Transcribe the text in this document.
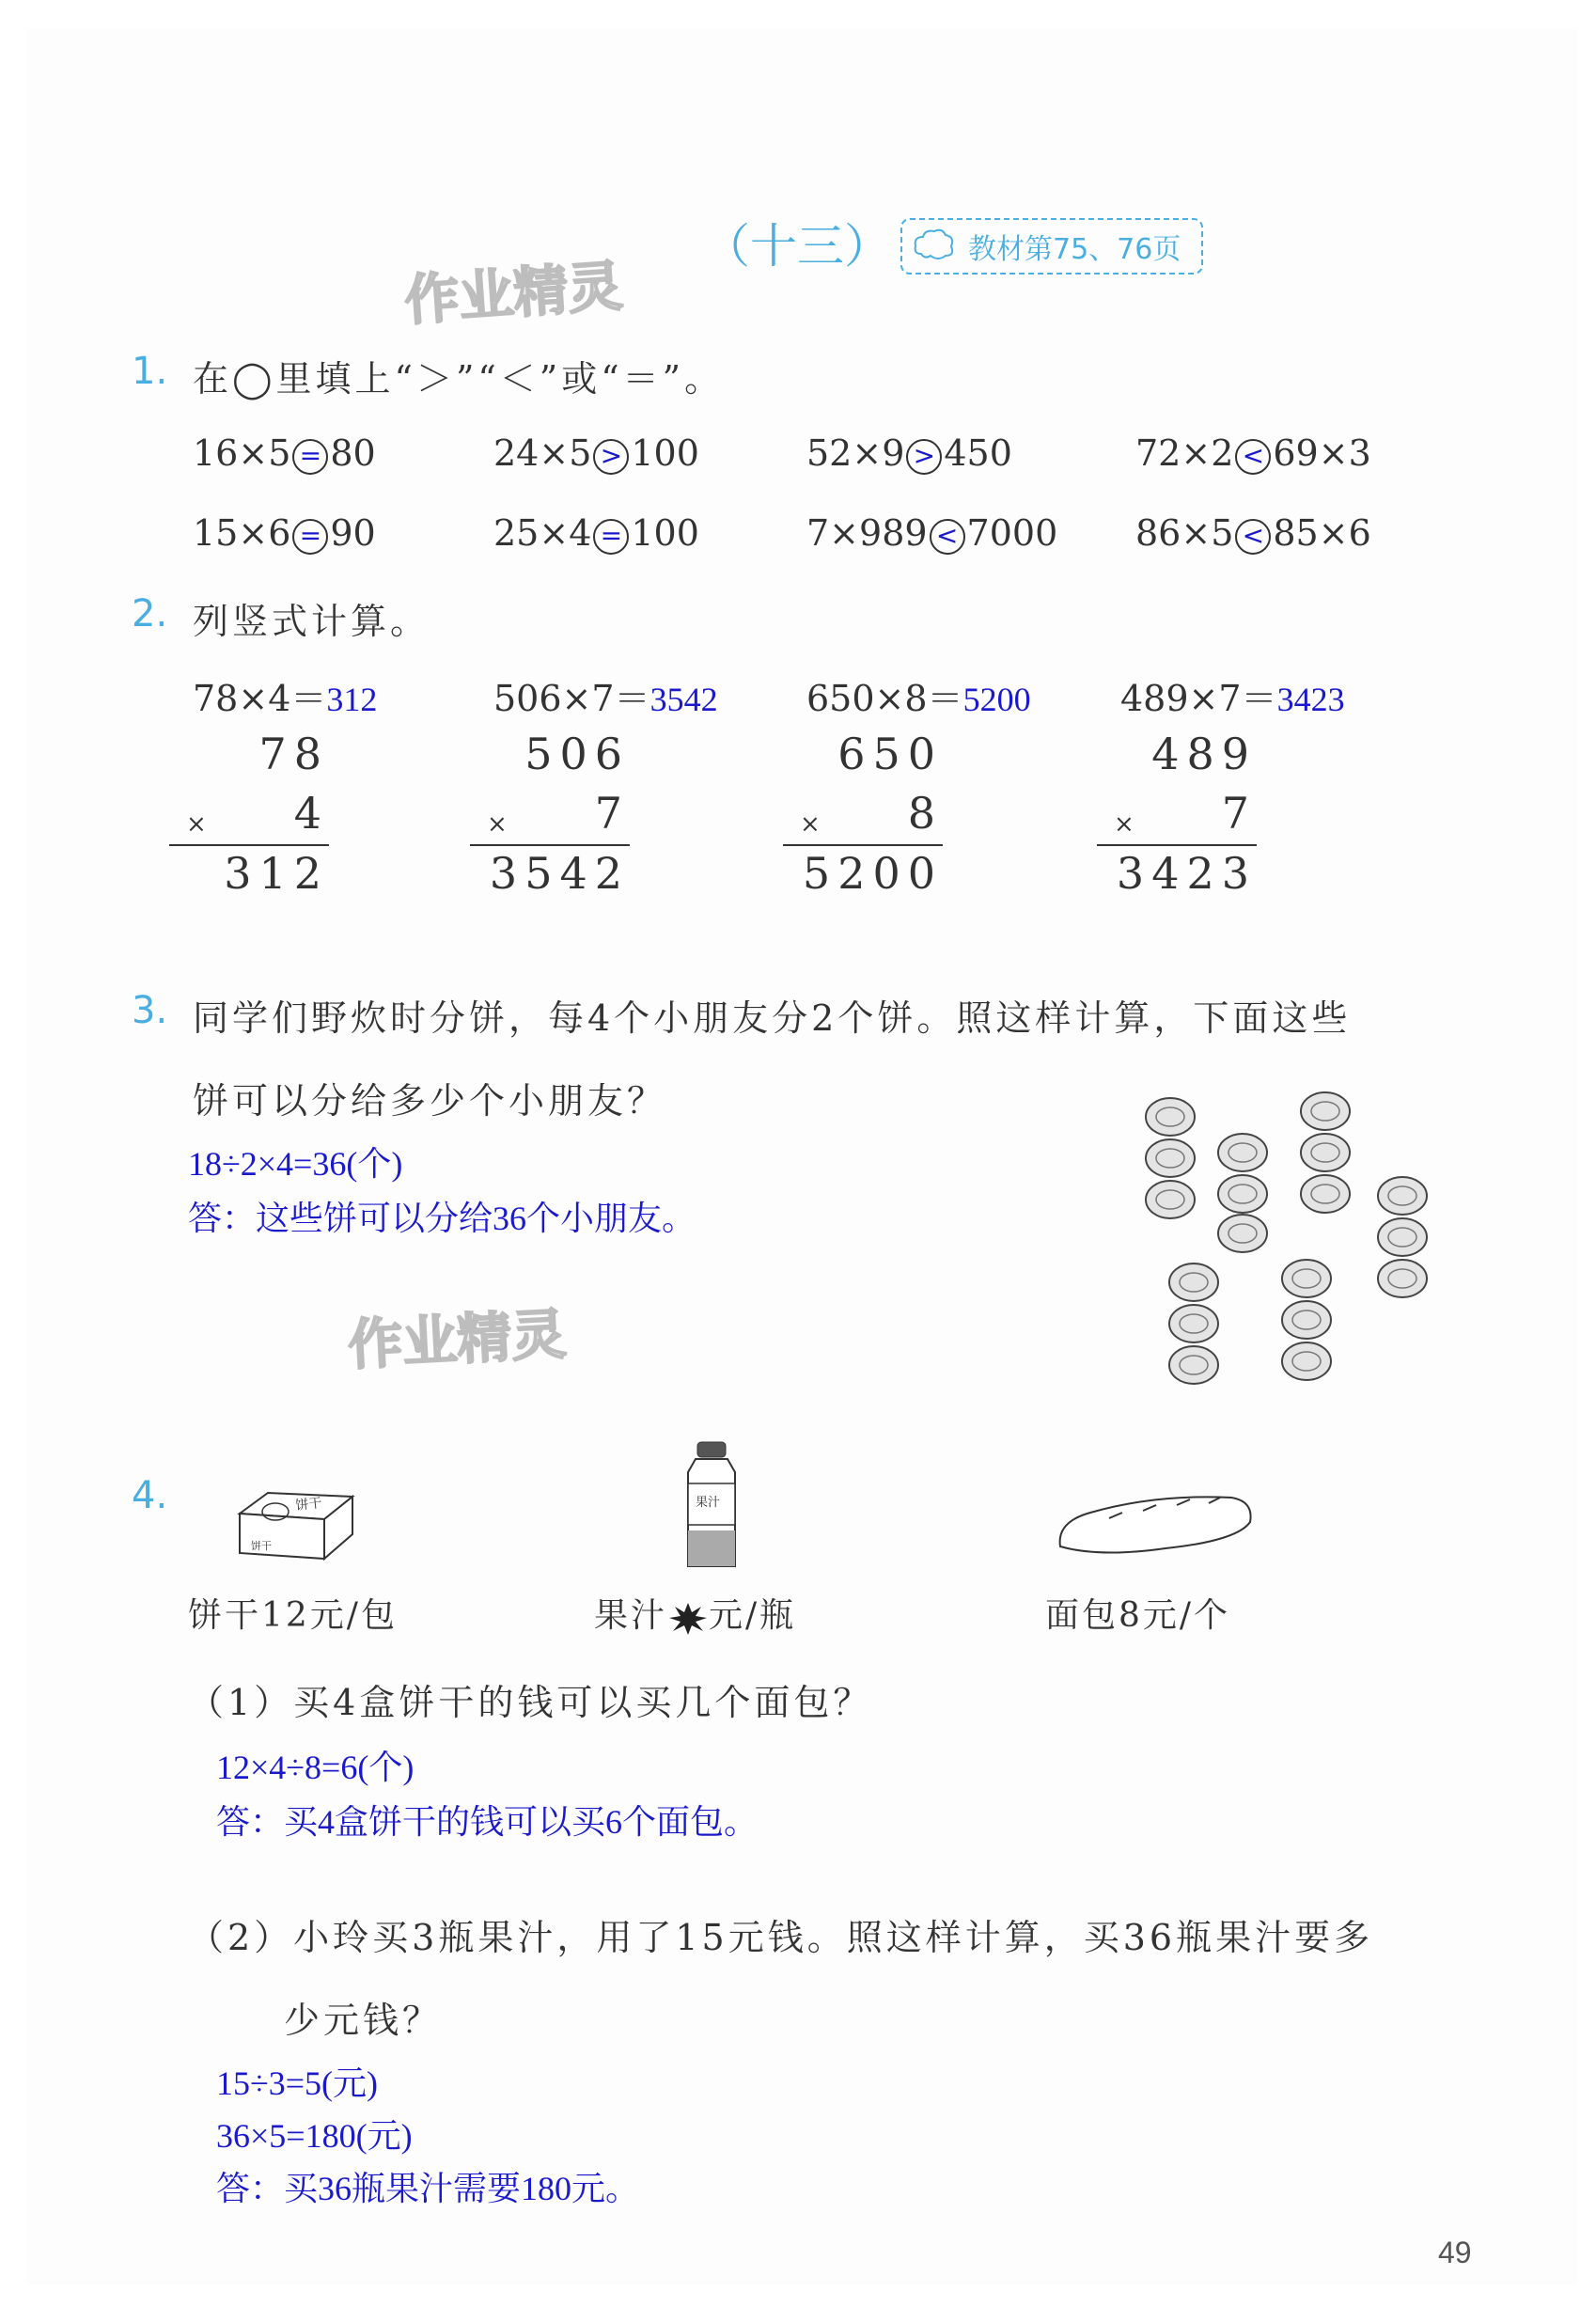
作业精灵
（十三）	教材第75、76页
1. 在◯里填上“＞”“＜”或“＝”。
16×5 = 80	24×5 > 100	52×9 > 450	72×2 < 69×3
15×6 = 90	25×4 = 100	7×989 < 7000 86×5 < 85×6
2. 列竖式计算。
78×4＝312
78
4
×
312
506×7＝3542
506
7
×
3542
650×8＝5200
650
8
×
5200
489×7＝3423
489
7
×
3423
3. 同学们野炊时分饼，每4个小朋友分2个饼。照这样计算，下面这些
饼可以分给多少个小朋友？
18÷2×4=36(个)
答：这些饼可以分给36个小朋友。
作业精灵
4.	饼干
饼干
果汁
饼干12元/包	果汁 元/瓶	面包8元/个
（1）买4盒饼干的钱可以买几个面包？
12×4÷8=6(个)
答：买4盒饼干的钱可以买6个面包。
（2）小玲买3瓶果汁，用了15元钱。照这样计算，买36瓶果汁要多
少元钱？
15÷3=5(元)
36×5=180(元)
答：买36瓶果汁需要180元。
49
